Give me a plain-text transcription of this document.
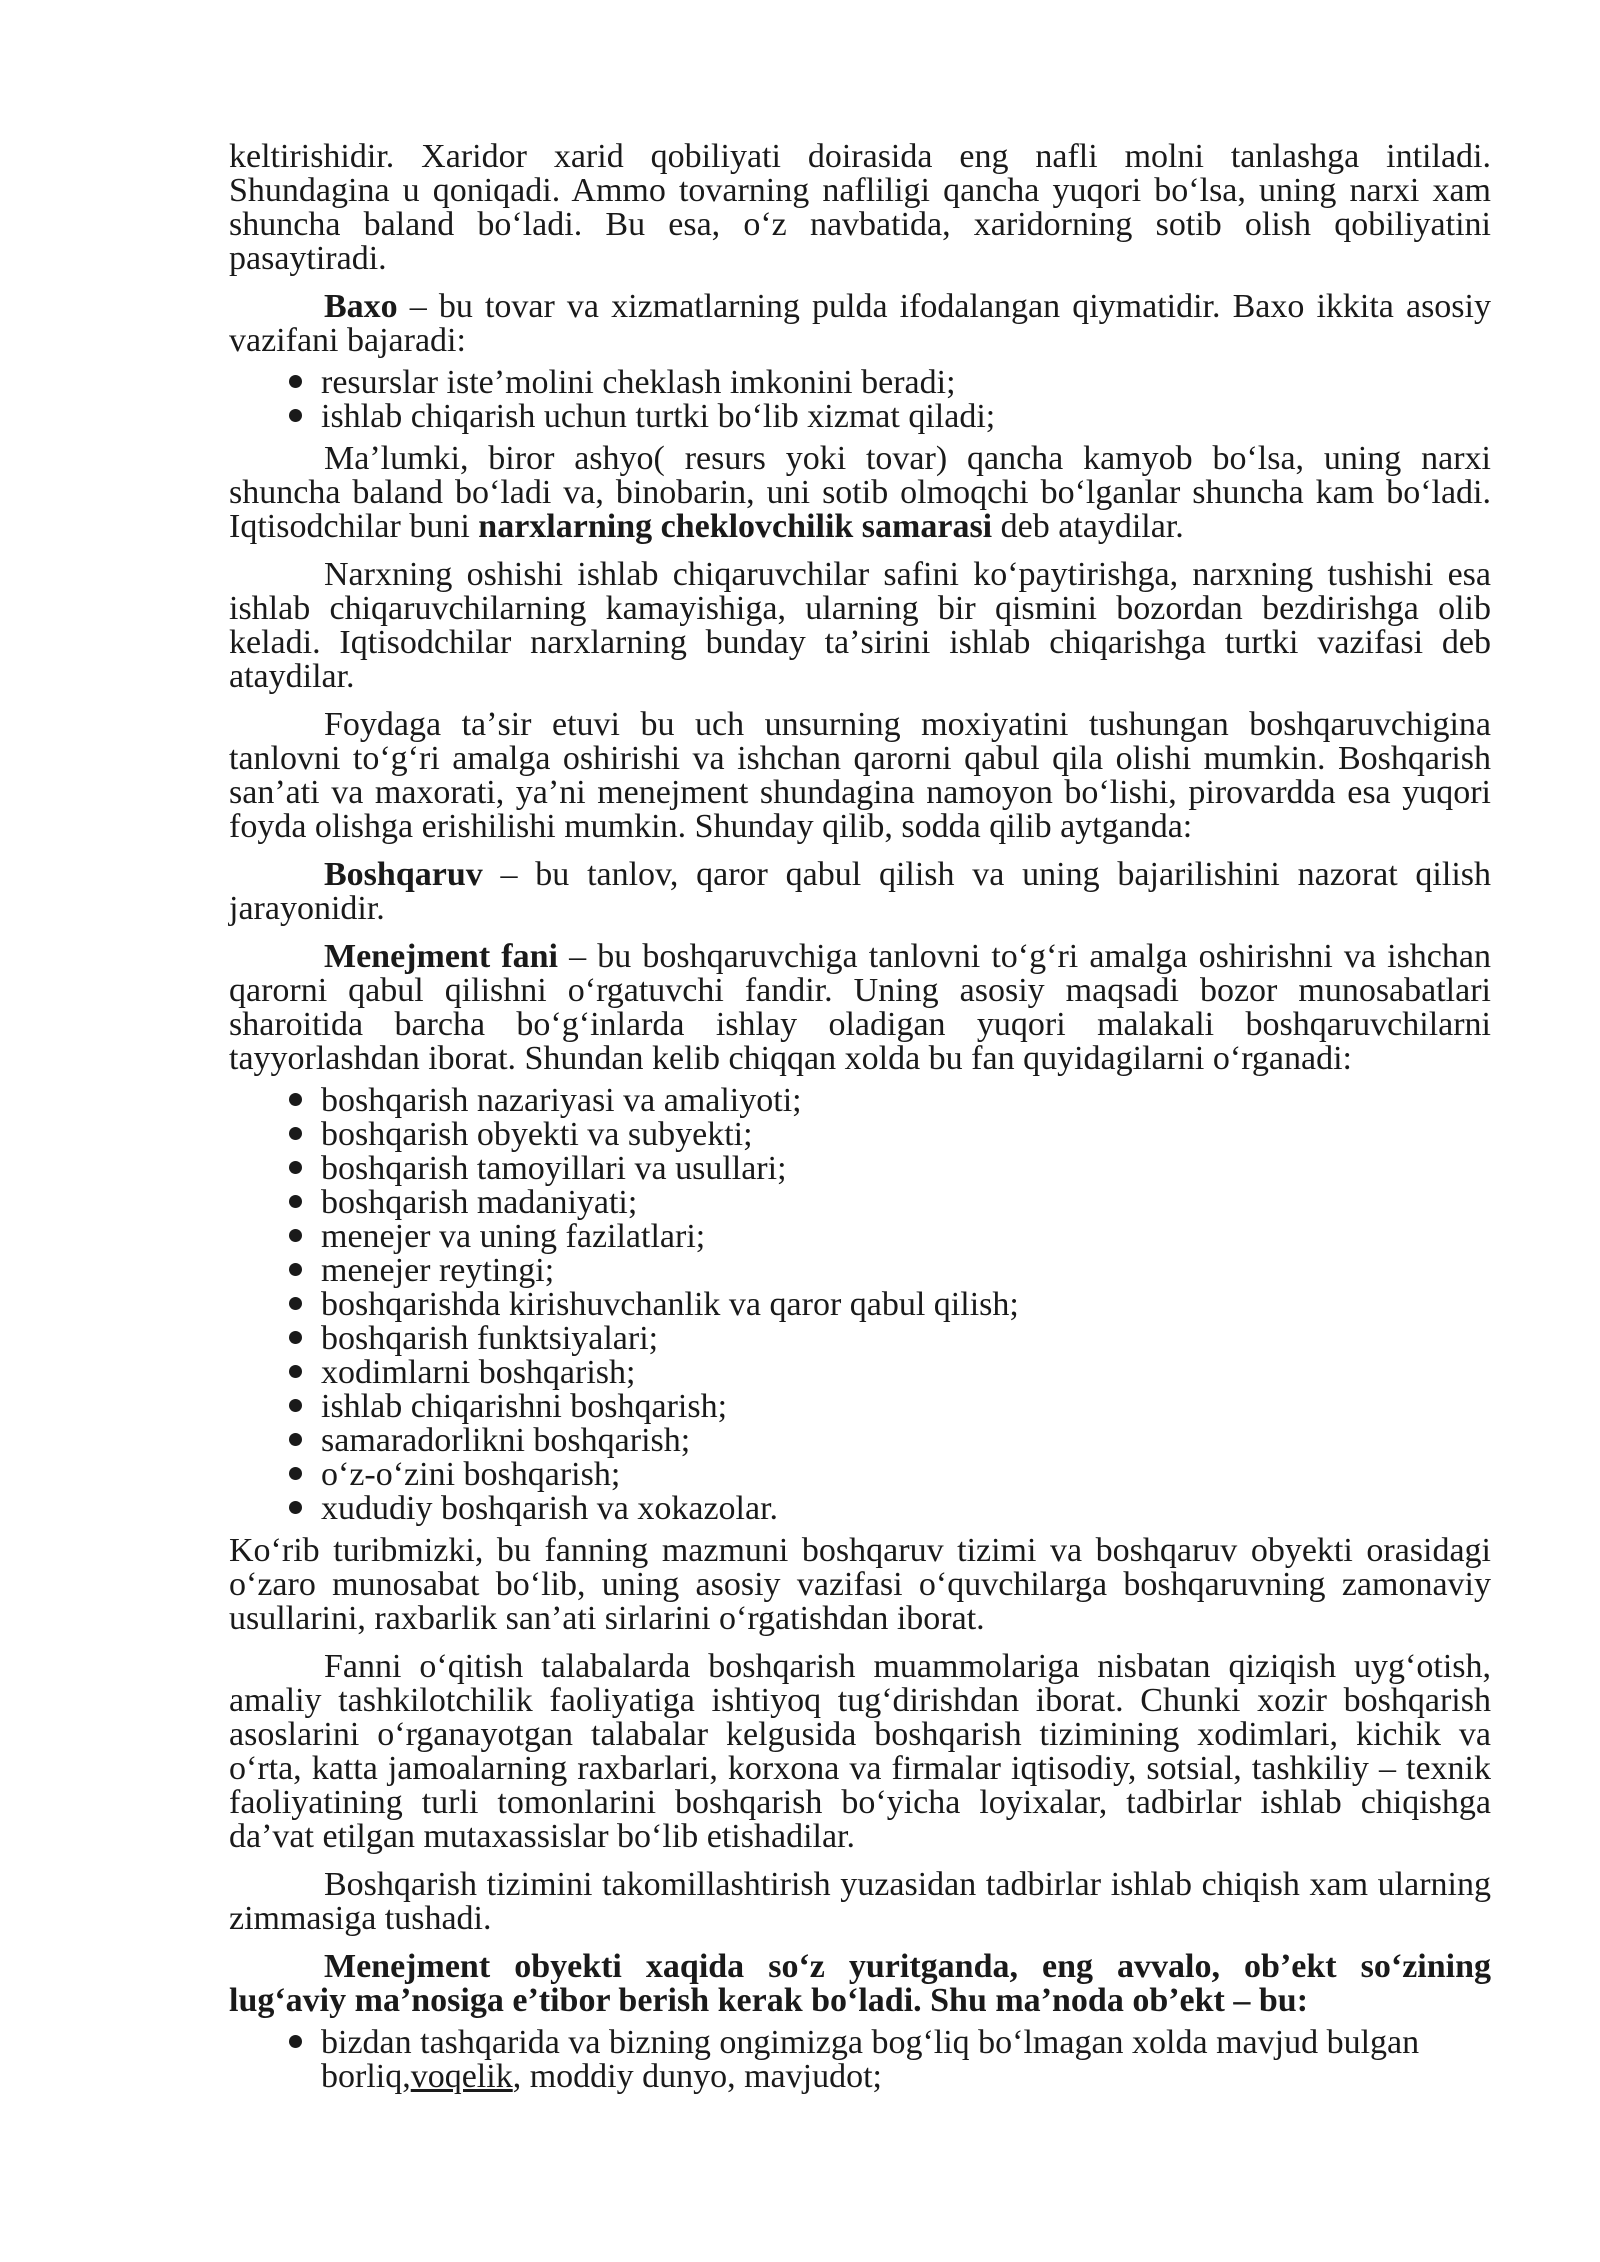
keltirishidir. Xaridor xarid qobiliyati doirasida eng nafli molni tanlashga intiladi. Shundagina u qoniqadi. Ammo tovarning nafliligi qancha yuqori boʻlsa, uning narxi xam shuncha baland boʻladi. Bu esa, oʻz navbatida, xaridorning sotib olish qobiliyatini pasaytiradi.

Baxo – bu tovar va xizmatlarning pulda ifodalangan qiymatidir. Baxo ikkita asosiy vazifani bajaradi:

resurslar isteʼmolini cheklash imkonini beradi;
ishlab chiqarish uchun turtki boʻlib xizmat qiladi;

Maʼlumki, biror ashyo( resurs yoki tovar) qancha kamyob boʻlsa, uning narxi shuncha baland boʻladi va, binobarin, uni sotib olmoqchi boʻlganlar shuncha kam boʻladi. Iqtisodchilar buni narxlarning cheklovchilik samarasi deb ataydilar.

Narxning oshishi ishlab chiqaruvchilar safini koʻpaytirishga, narxning tushishi esa ishlab chiqaruvchilarning kamayishiga, ularning bir qismini bozordan bezdirishga olib keladi. Iqtisodchilar narxlarning bunday taʼsirini ishlab chiqarishga turtki vazifasi deb ataydilar.

Foydaga taʼsir etuvi bu uch unsurning moxiyatini tushungan boshqaruvchigina tanlovni toʻgʻri amalga oshirishi va ishchan qarorni qabul qila olishi mumkin. Boshqarish sanʼati va maxorati, yaʼni menejment shundagina namoyon boʻlishi, pirovardda esa yuqori foyda olishga erishilishi mumkin. Shunday qilib, sodda qilib aytganda:

Boshqaruv – bu tanlov, qaror qabul qilish va uning bajarilishini nazorat qilish jarayonidir.

Menejment fani – bu boshqaruvchiga tanlovni toʻgʻri amalga oshirishni va ishchan qarorni qabul qilishni oʻrgatuvchi fandir. Uning asosiy maqsadi bozor munosabatlari sharoitida barcha boʻgʻinlarda ishlay oladigan yuqori malakali boshqaruvchilarni tayyorlashdan iborat. Shundan kelib chiqqan xolda bu fan quyidagilarni oʻrganadi:

boshqarish nazariyasi va amaliyoti;
boshqarish obyekti va subyekti;
boshqarish tamoyillari va usullari;
boshqarish madaniyati;
menejer va uning fazilatlari;
menejer reytingi;
boshqarishda kirishuvchanlik va qaror qabul qilish;
boshqarish funktsiyalari;
xodimlarni boshqarish;
ishlab chiqarishni boshqarish;
samaradorlikni boshqarish;
oʻz-oʻzini boshqarish;
xududiy boshqarish va xokazolar.

Koʻrib turibmizki, bu fanning mazmuni boshqaruv tizimi va boshqaruv obyekti orasidagi oʻzaro munosabat boʻlib, uning asosiy vazifasi oʻquvchilarga boshqaruvning zamonaviy usullarini, raxbarlik sanʼati sirlarini oʻrgatishdan iborat.

Fanni oʻqitish talabalarda boshqarish muammolariga nisbatan qiziqish uygʻotish, amaliy tashkilotchilik faoliyatiga ishtiyoq tugʻdirishdan iborat. Chunki xozir boshqarish asoslarini oʻrganayotgan talabalar kelgusida boshqarish tizimining xodimlari, kichik va oʻrta, katta jamoalarning raxbarlari, korxona va firmalar iqtisodiy, sotsial, tashkiliy – texnik faoliyatining turli tomonlarini boshqarish boʻyicha loyixalar, tadbirlar ishlab chiqishga daʼvat etilgan mutaxassislar boʻlib etishadilar.

Boshqarish tizimini takomillashtirish yuzasidan tadbirlar ishlab chiqish xam ularning zimmasiga tushadi.

Menejment obyekti xaqida soʻz yuritganda, eng avvalo, obʼekt soʻzining lugʻaviy maʼnosiga eʼtibor berish kerak boʻladi. Shu maʼnoda obʼekt – bu:

bizdan tashqarida va bizning ongimizga bogʻliq boʻlmagan xolda mavjud bulgan borliq,voqelik, moddiy dunyo, mavjudot;
